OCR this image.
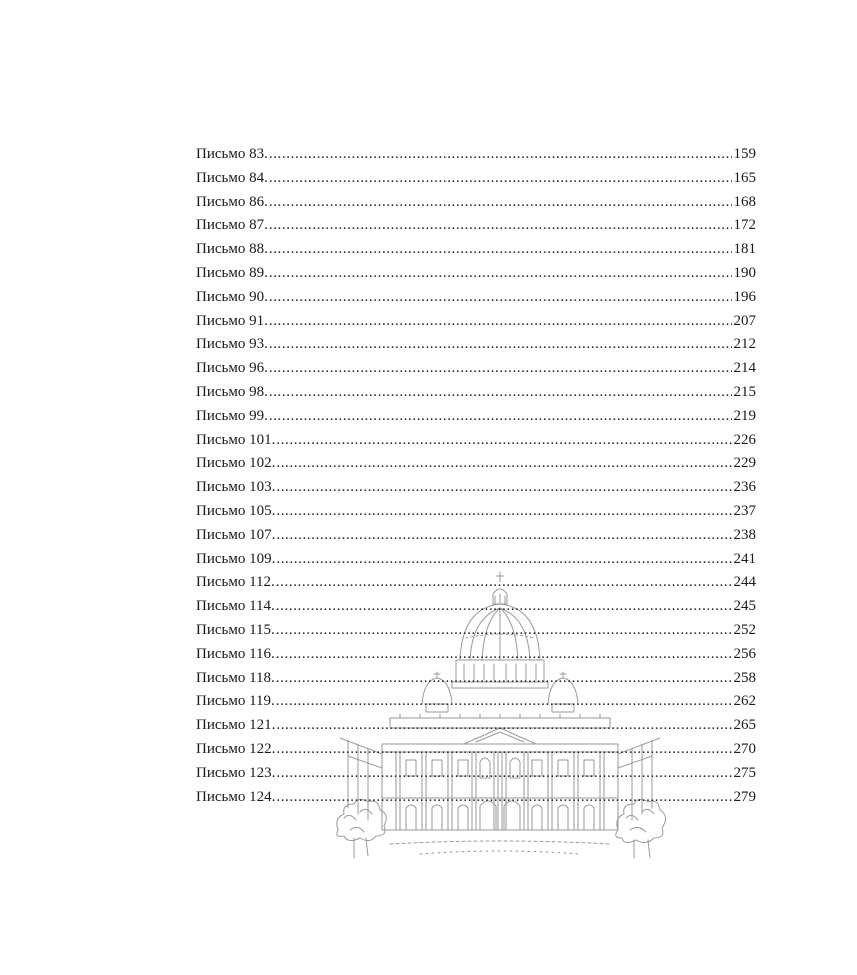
Письмо 83. .....	159
Письмо 84. .....	165
Письмо 86. .....	168
Письмо 87. .....	172
Письмо 88. .....	181
Письмо 89. .....	190
Письмо 90. .....	196
Письмо 91. .....	207
Письмо 93. .....	212
Письмо 96. .....	214
Письмо 98. .....	215
Письмо 99. .....	219
Письмо 101. .....	226
Письмо 102. .....	229
Письмо 103. .....	236
Письмо 105. .....	237
Письмо 107. .....	238
Письмо 109. .....	241
Письмо 112. .....	244
Письмо 114. .....	245
Письмо 115. .....	252
Письмо 116. .....	256
Письмо 118. .....	258
Письмо 119. .....	262
Письмо 121. .....	265
Письмо 122. .....	270
Письмо 123. .....	275
Письмо 124. .....	279
